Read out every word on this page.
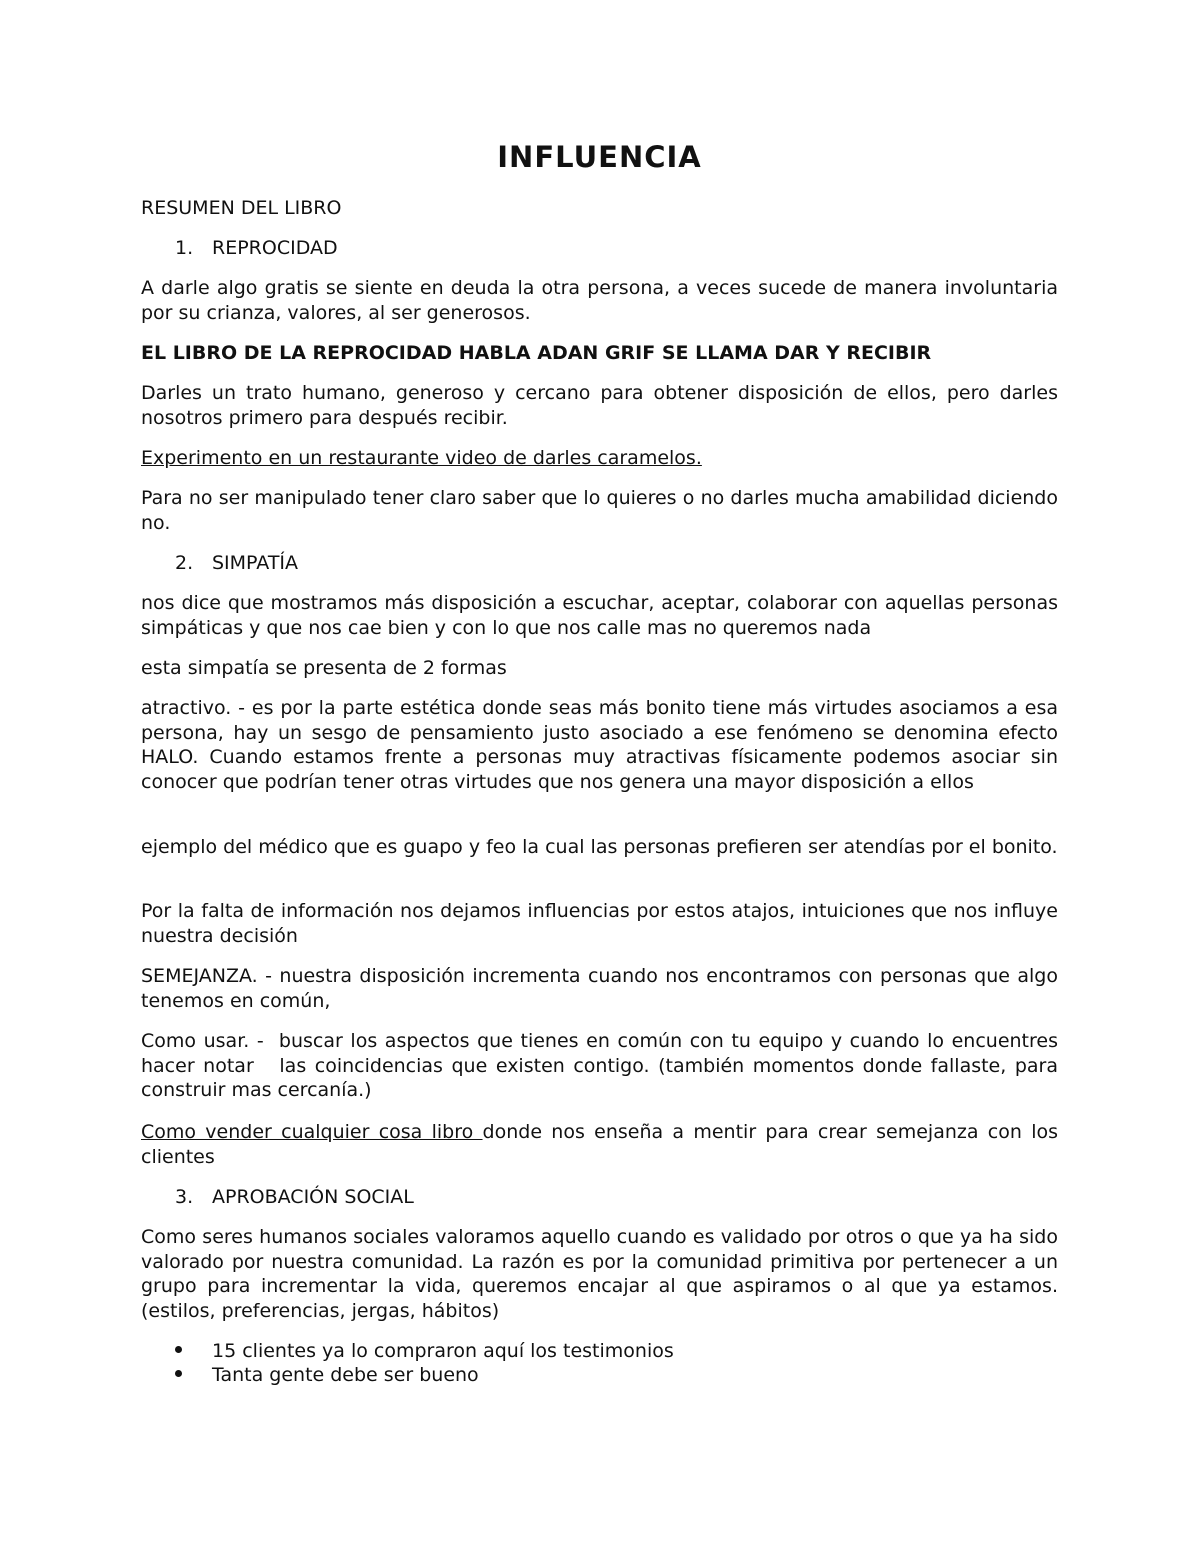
INFLUENCIA

RESUMEN DEL LIBRO

1. REPROCIDAD

A darle algo gratis se siente en deuda la otra persona, a veces sucede de manera involuntaria por su crianza, valores, al ser generosos.

EL LIBRO DE LA REPROCIDAD HABLA ADAN GRIF SE LLAMA DAR Y RECIBIR

Darles un trato humano, generoso y cercano para obtener disposición de ellos, pero darles nosotros primero para después recibir.

Experimento en un restaurante video de darles caramelos.

Para no ser manipulado tener claro saber que lo quieres o no darles mucha amabilidad diciendo no.

2. SIMPATÍA

nos dice que mostramos más disposición a escuchar, aceptar, colaborar con aquellas personas simpáticas y que nos cae bien y con lo que nos calle mas no queremos nada

esta simpatía se presenta de 2 formas

atractivo. - es por la parte estética donde seas más bonito tiene más virtudes asociamos a esa persona, hay un sesgo de pensamiento justo asociado a ese fenómeno se denomina efecto HALO. Cuando estamos frente a personas muy atractivas físicamente podemos asociar sin conocer que podrían tener otras virtudes que nos genera una mayor disposición a ellos

ejemplo del médico que es guapo y feo la cual las personas prefieren ser atendías por el bonito.

Por la falta de información nos dejamos influencias por estos atajos, intuiciones que nos influye nuestra decisión

SEMEJANZA. - nuestra disposición incrementa cuando nos encontramos con personas que algo tenemos en común,

Como usar. -  buscar los aspectos que tienes en común con tu equipo y cuando lo encuentres hacer notar   las coincidencias que existen contigo. (también momentos donde fallaste, para construir mas cercanía.)

Como vender cualquier cosa libro donde nos enseña a mentir para crear semejanza con los clientes

3. APROBACIÓN SOCIAL

Como seres humanos sociales valoramos aquello cuando es validado por otros o que ya ha sido valorado por nuestra comunidad. La razón es por la comunidad primitiva por pertenecer a un grupo para incrementar la vida, queremos encajar al que aspiramos o al que ya estamos. (estilos, preferencias, jergas, hábitos)

15 clientes ya lo compraron aquí los testimonios

Tanta gente debe ser bueno
